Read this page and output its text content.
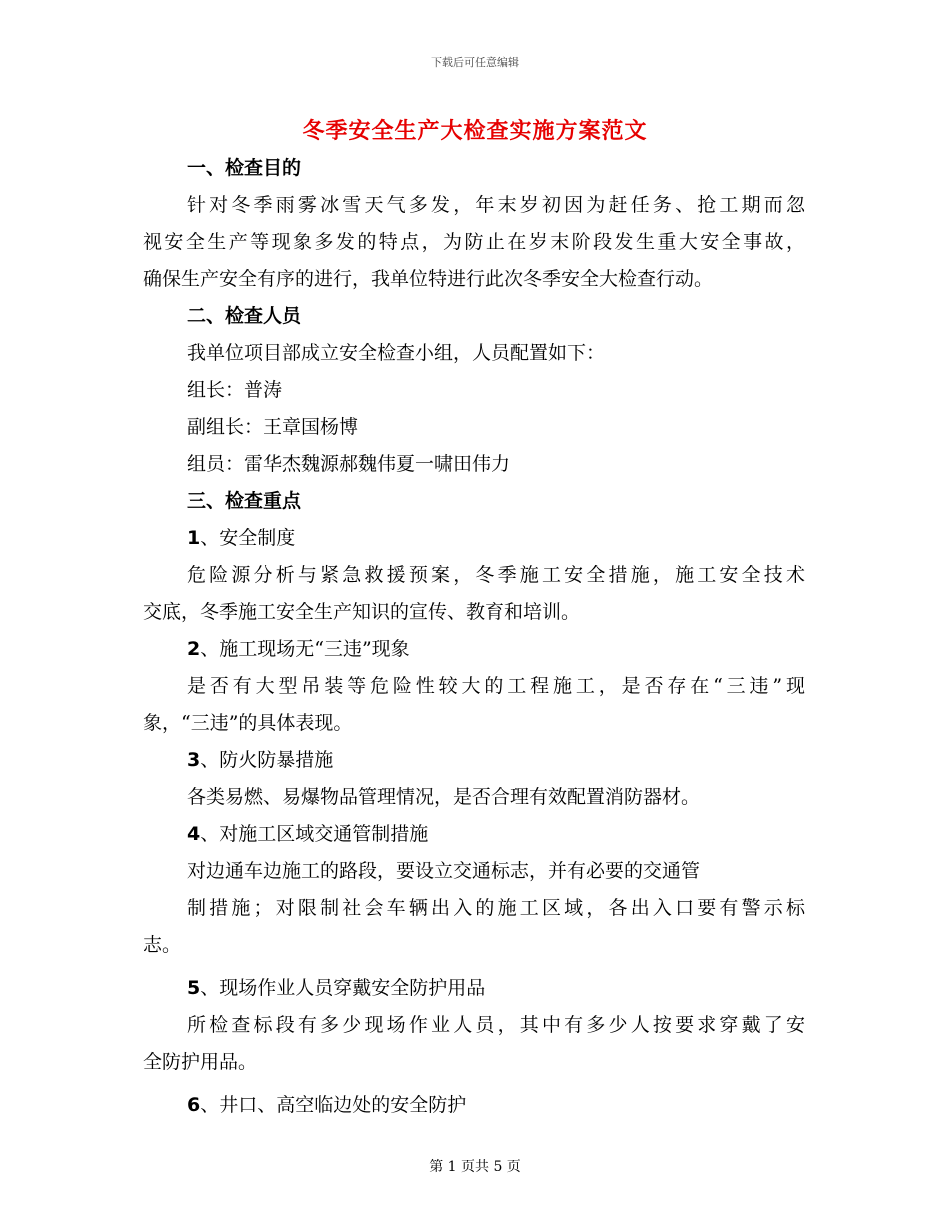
下载后可任意编辑
冬季安全生产大检查实施方案范文

一、检查目的

针对冬季雨雾冰雪天气多发，年末岁初因为赶任务、抢工期而忽

视安全生产等现象多发的特点，为防止在岁末阶段发生重大安全事故，

确保生产安全有序的进行，我单位特进行此次冬季安全大检查行动。

二、检查人员

我单位项目部成立安全检查小组，人员配置如下：

组长：普涛

副组长：王章国杨博

组员：雷华杰魏源郝魏伟夏一啸田伟力

三、检查重点

1、安全制度

危险源分析与紧急救援预案，冬季施工安全措施，施工安全技术

交底，冬季施工安全生产知识的宣传、教育和培训。

2、施工现场无“三违”现象

是否有大型吊装等危险性较大的工程施工，是否存在“三违”现

象，“三违”的具体表现。

3、防火防暴措施

各类易燃、易爆物品管理情况，是否合理有效配置消防器材。

4、对施工区域交通管制措施

对边通车边施工的路段，要设立交通标志，并有必要的交通管

制措施；对限制社会车辆出入的施工区域，各出入口要有警示标

志。

5、现场作业人员穿戴安全防护用品

所检查标段有多少现场作业人员，其中有多少人按要求穿戴了安

全防护用品。

6、井口、高空临边处的安全防护

第 1 页共 5 页
